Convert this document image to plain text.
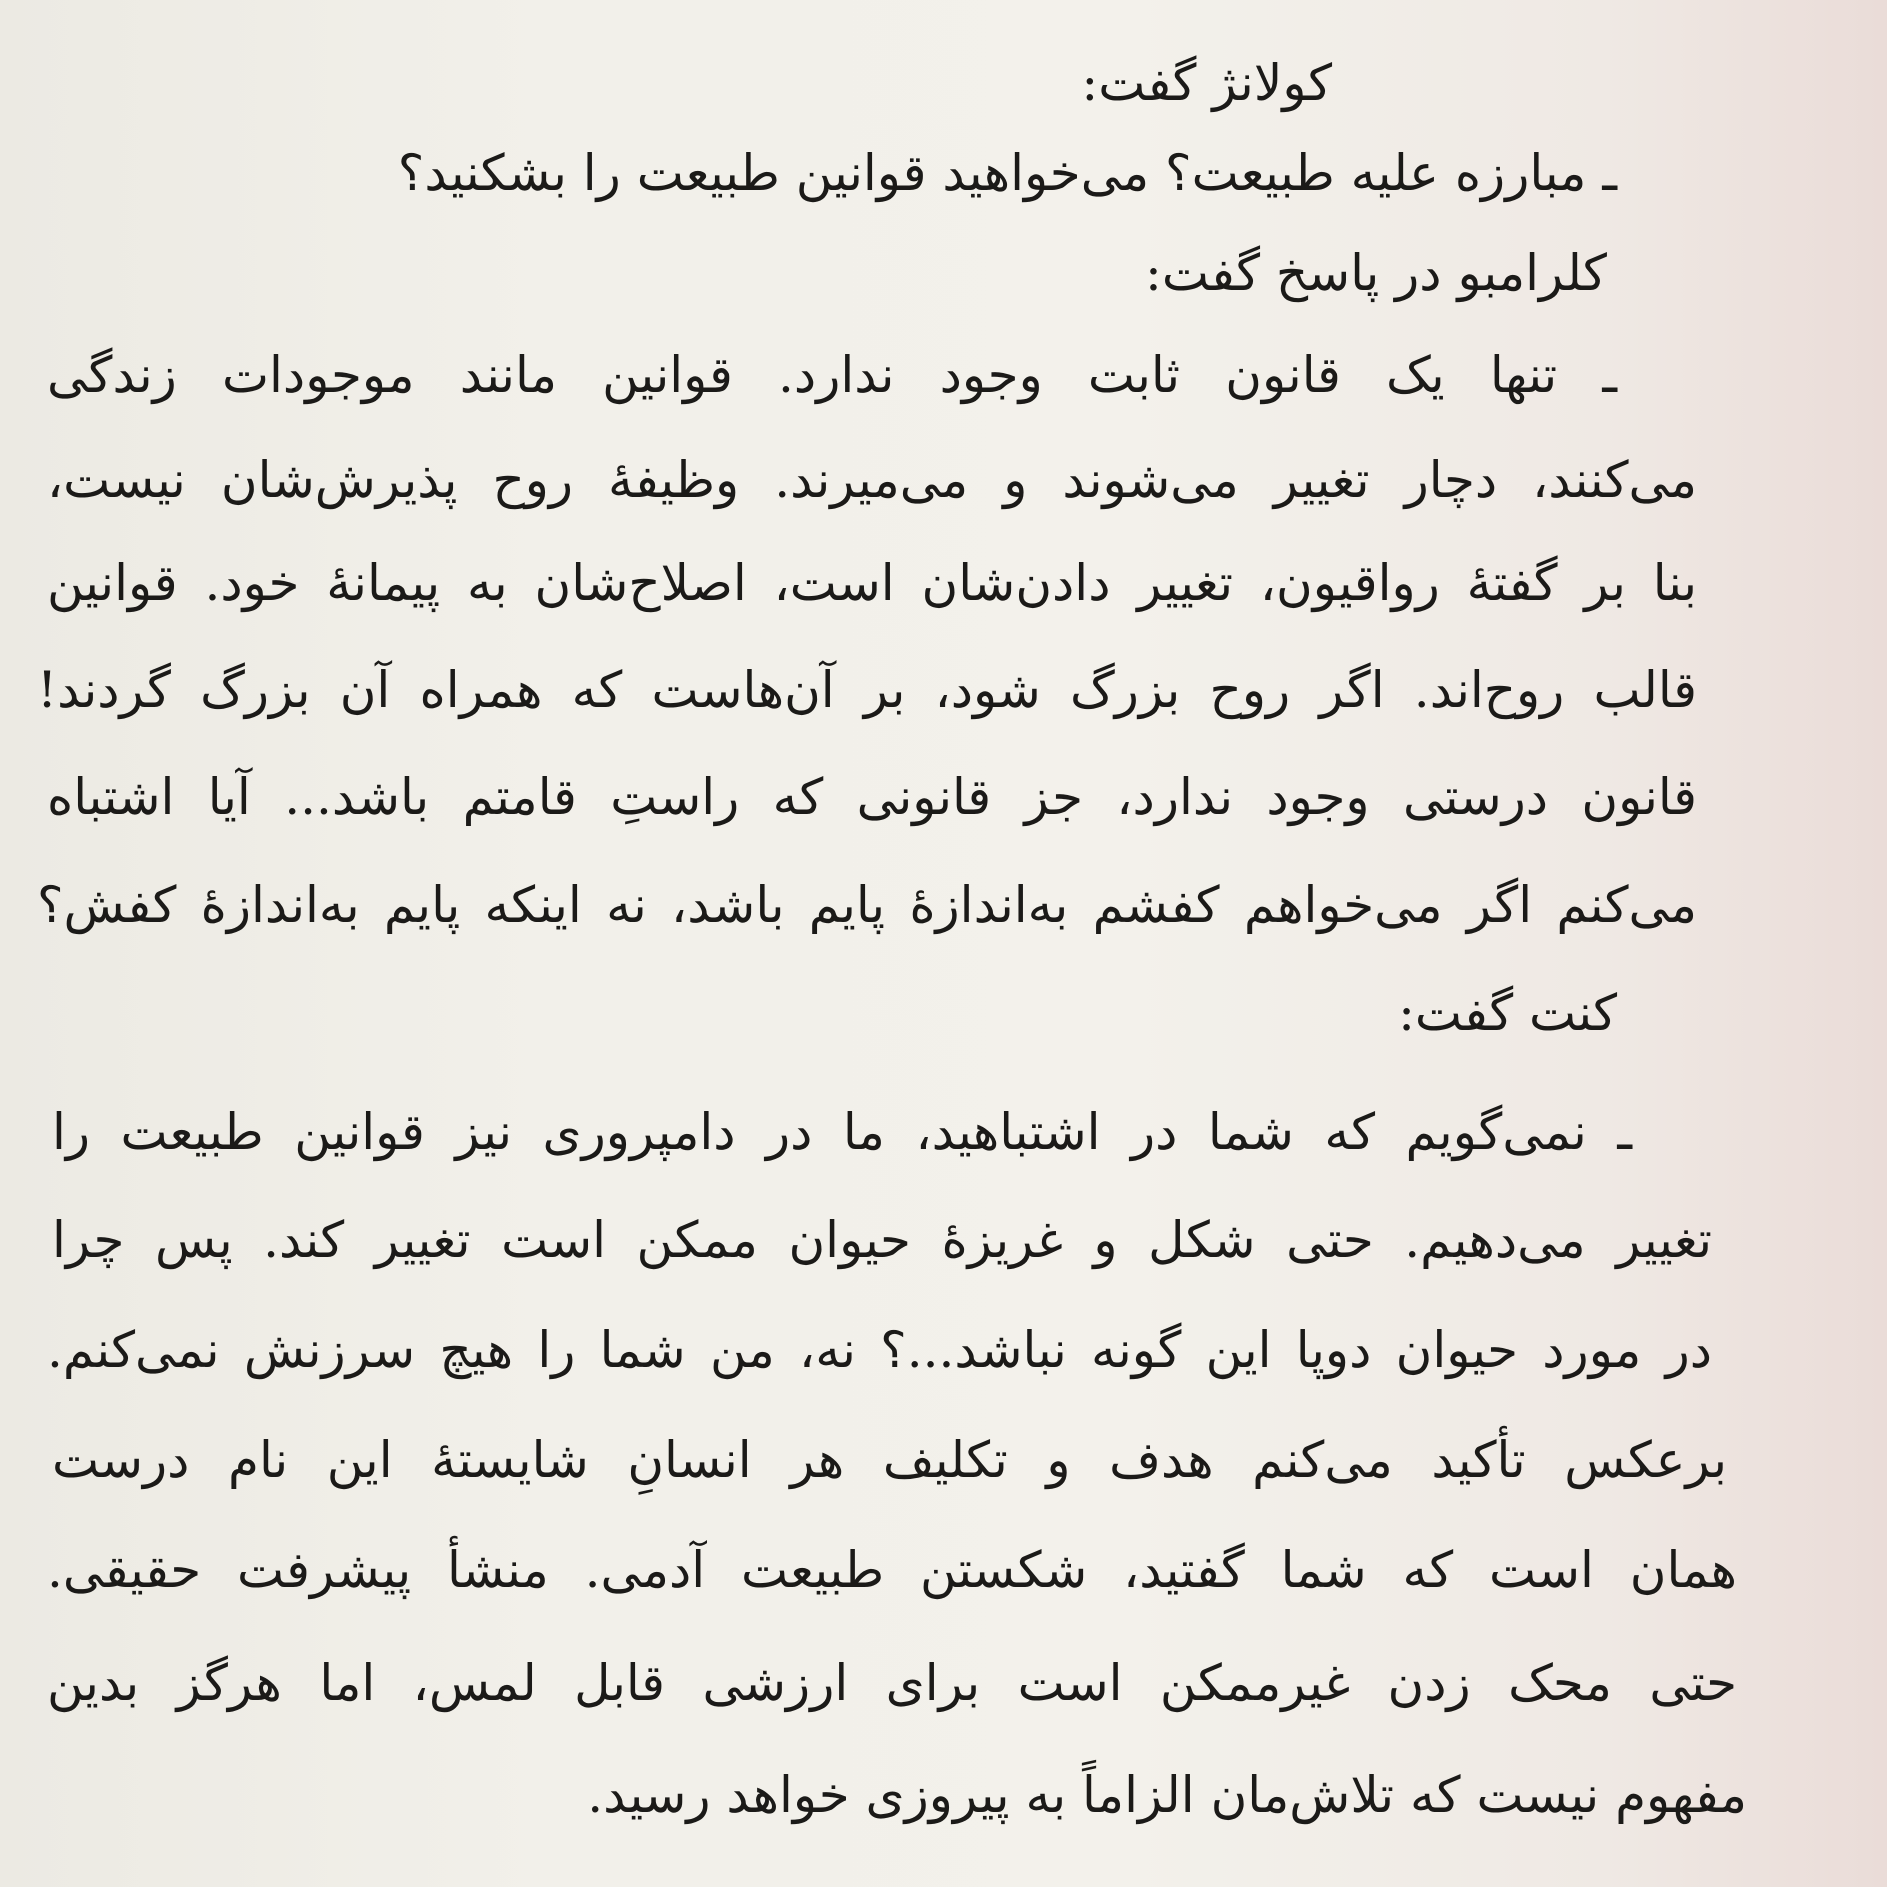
کولانژ گفت:
ـ مبارزه علیه طبیعت؟ می‌خواهید قوانین طبیعت را بشکنید؟
کلرامبو در پاسخ گفت:
ـ تنها یک قانون ثابت وجود ندارد. قوانین مانند موجودات زندگی
می‌کنند، دچار تغییر می‌شوند و می‌میرند. وظیفهٔ روح پذیرش‌شان نیست،
بنا بر گفتهٔ رواقیون، تغییر دادن‌شان است، اصلاح‌شان به پیمانهٔ خود. قوانین
قالب روح‌اند. اگر روح بزرگ شود، بر آن‌هاست که همراه آن بزرگ گردند!
قانون درستی وجود ندارد، جز قانونی که راستِ قامتم باشد... آیا اشتباه
می‌کنم اگر می‌خواهم کفشم به‌اندازهٔ پایم باشد، نه اینکه پایم به‌اندازهٔ کفش؟
کنت گفت:
ـ نمی‌گویم که شما در اشتباهید، ما در دامپروری نیز قوانین طبیعت را
تغییر می‌دهیم. حتی شکل و غریزهٔ حیوان ممکن است تغییر کند. پس چرا
در مورد حیوان دوپا این گونه نباشد...؟ نه، من شما را هیچ سرزنش نمی‌کنم.
برعکس تأکید می‌کنم هدف و تکلیف هر انسانِ شایستهٔ این نام درست
همان است که شما گفتید، شکستن طبیعت آدمی. منشأ پیشرفت حقیقی.
حتی محک زدن غیرممکن است برای ارزشی قابل لمس، اما هرگز بدین
مفهوم نیست که تلاش‌مان الزاماً به پیروزی خواهد رسید.
